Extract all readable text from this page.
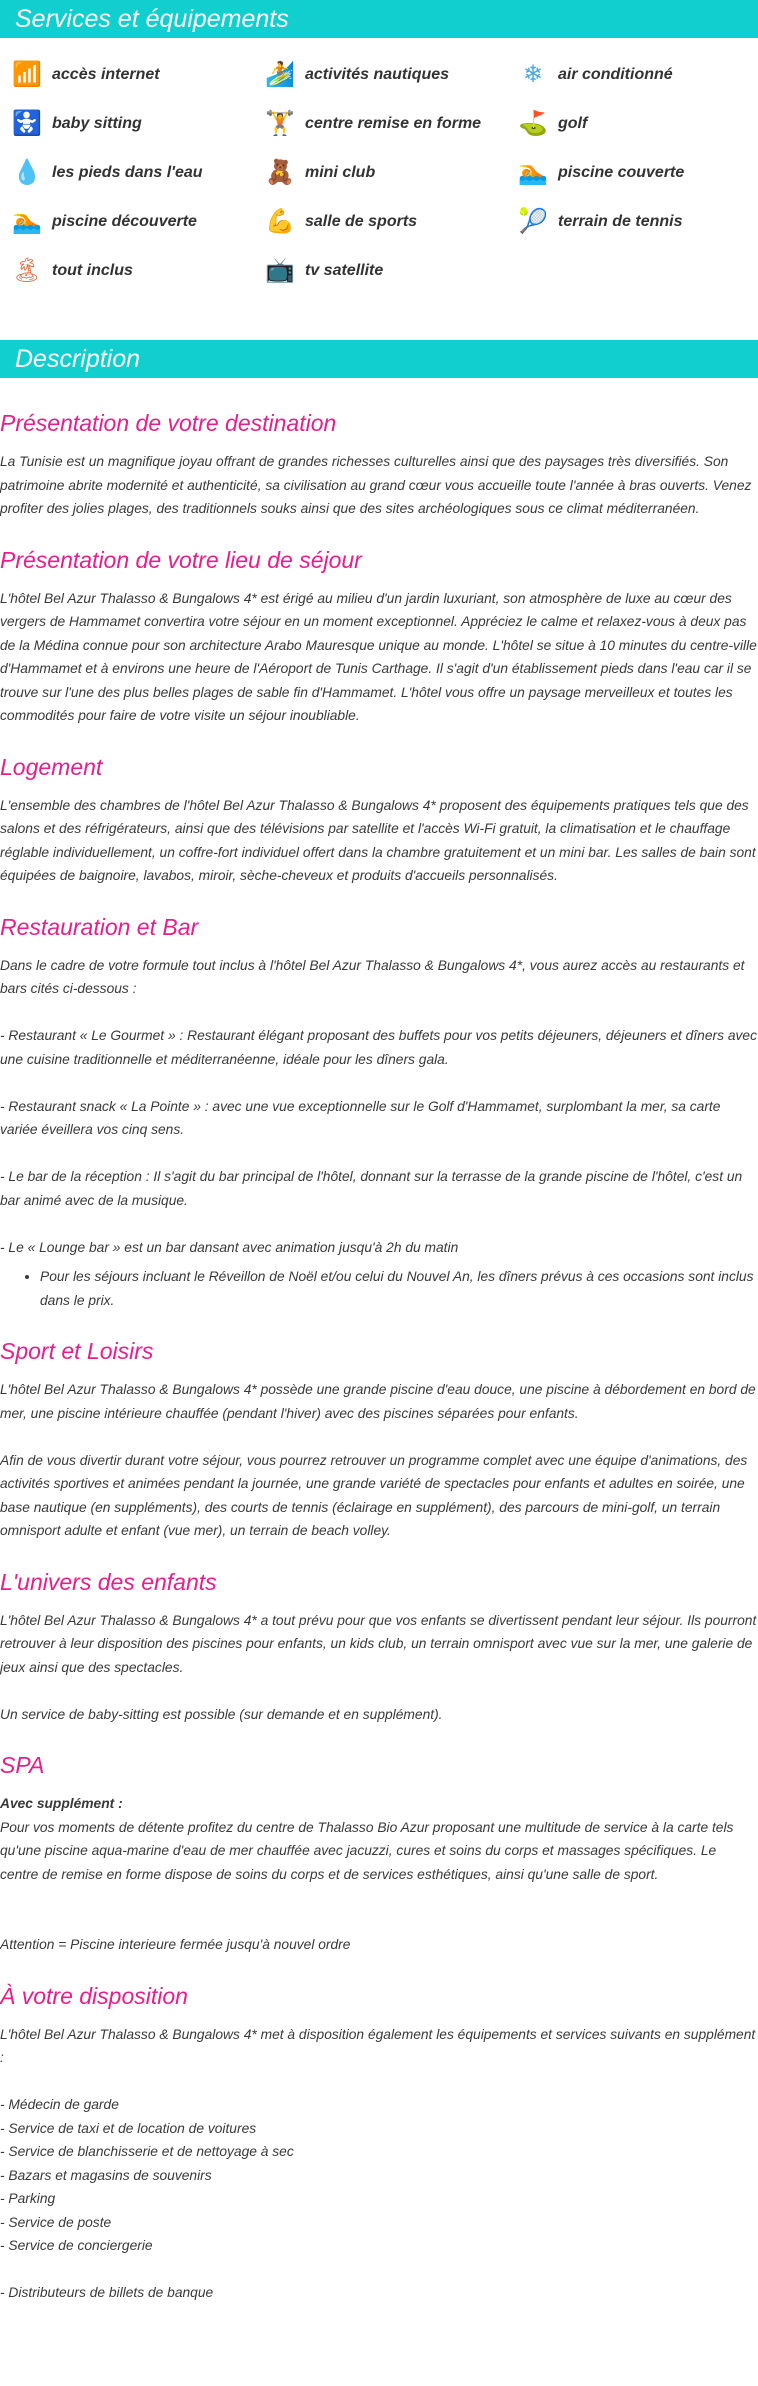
Services et équipements
📶 accès internet	🏄 activités nautiques	❄ air conditionné
🚼 baby sitting	🏋 centre remise en forme ⛳ golf
💧 les pieds dans l'eau	🧸 mini club	🏊 piscine couverte
🏊 piscine découverte	💪 salle de sports	🎾 terrain de tennis
🏝 tout inclus	📺 tv satellite
Description
Présentation de votre destination
La Tunisie est un magnifique joyau offrant de grandes richesses culturelles ainsi que des paysages très diversifiés. Son patrimoine abrite modernité et authenticité, sa civilisation au grand cœur vous accueille toute l'année à bras ouverts. Venez profiter des jolies plages, des traditionnels souks ainsi que des sites archéologiques sous ce climat méditerranéen.
Présentation de votre lieu de séjour
L'hôtel Bel Azur Thalasso & Bungalows 4* est érigé au milieu d'un jardin luxuriant, son atmosphère de luxe au cœur des vergers de Hammamet convertira votre séjour en un moment exceptionnel. Appréciez le calme et relaxez-vous à deux pas de la Médina connue pour son architecture Arabo Mauresque unique au monde. L'hôtel se situe à 10 minutes du centre-ville d'Hammamet et à environs une heure de l'Aéroport de Tunis Carthage. Il s'agit d'un établissement pieds dans l'eau car il se trouve sur l'une des plus belles plages de sable fin d'Hammamet. L'hôtel vous offre un paysage merveilleux et toutes les commodités pour faire de votre visite un séjour inoubliable.
Logement
L'ensemble des chambres de l'hôtel Bel Azur Thalasso & Bungalows 4* proposent des équipements pratiques tels que des salons et des réfrigérateurs, ainsi que des télévisions par satellite et l'accès Wi-Fi gratuit, la climatisation et le chauffage réglable individuellement, un coffre-fort individuel offert dans la chambre gratuitement et un mini bar. Les salles de bain sont équipées de baignoire, lavabos, miroir, sèche-cheveux et produits d'accueils personnalisés.
Restauration et Bar
Dans le cadre de votre formule tout inclus à l'hôtel Bel Azur Thalasso & Bungalows 4*, vous aurez accès au restaurants et bars cités ci-dessous :
- Restaurant « Le Gourmet » : Restaurant élégant proposant des buffets pour vos petits déjeuners, déjeuners et dîners avec une cuisine traditionnelle et méditerranéenne, idéale pour les dîners gala.
- Restaurant snack « La Pointe » : avec une vue exceptionnelle sur le Golf d'Hammamet, surplombant la mer, sa carte variée éveillera vos cinq sens.
- Le bar de la réception : Il s'agit du bar principal de l'hôtel, donnant sur la terrasse de la grande piscine de l'hôtel, c'est un bar animé avec de la musique.
- Le « Lounge bar » est un bar dansant avec animation jusqu'à 2h du matin
• Pour les séjours incluant le Réveillon de Noël et/ou celui du Nouvel An, les dîners prévus à ces occasions sont inclus dans le prix.
Sport et Loisirs
L'hôtel Bel Azur Thalasso & Bungalows 4* possède une grande piscine d'eau douce, une piscine à débordement en bord de mer, une piscine intérieure chauffée (pendant l'hiver) avec des piscines séparées pour enfants.
Afin de vous divertir durant votre séjour, vous pourrez retrouver un programme complet avec une équipe d'animations, des activités sportives et animées pendant la journée, une grande variété de spectacles pour enfants et adultes en soirée, une base nautique (en suppléments), des courts de tennis (éclairage en supplément), des parcours de mini-golf, un terrain omnisport adulte et enfant (vue mer), un terrain de beach volley.
L'univers des enfants
L'hôtel Bel Azur Thalasso & Bungalows 4* a tout prévu pour que vos enfants se divertissent pendant leur séjour. Ils pourront retrouver à leur disposition des piscines pour enfants, un kids club, un terrain omnisport avec vue sur la mer, une galerie de jeux ainsi que des spectacles.
Un service de baby-sitting est possible (sur demande et en supplément).
SPA
Avec supplément :
Pour vos moments de détente profitez du centre de Thalasso Bio Azur proposant une multitude de service à la carte tels qu'une piscine aqua-marine d'eau de mer chauffée avec jacuzzi, cures et soins du corps et massages spécifiques. Le centre de remise en forme dispose de soins du corps et de services esthétiques, ainsi qu'une salle de sport.
Attention = Piscine interieure fermée jusqu'à nouvel ordre
À votre disposition
L'hôtel Bel Azur Thalasso & Bungalows 4* met à disposition également les équipements et services suivants en supplément :
- Médecin de garde
- Service de taxi et de location de voitures
- Service de blanchisserie et de nettoyage à sec
- Bazars et magasins de souvenirs
- Parking
- Service de poste
- Service de conciergerie
- Distributeurs de billets de banque
